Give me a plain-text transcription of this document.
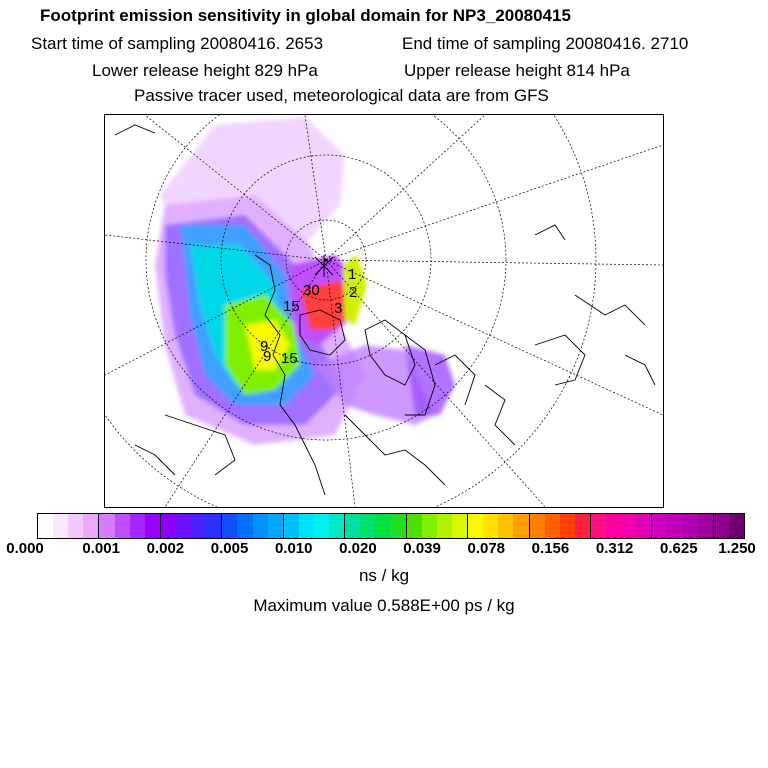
Footprint emission sensitivity in global domain for NP3_20080415
Start time of sampling 20080416. 2653	End time of sampling 20080416. 2710
Lower release height 829 hPa	Upper release height 814 hPa
Passive tracer used, meteorological data are from GFS
1
2
3
30
15
9
9 15
0.000	0.001 0.002 0.005 0.010 0.020 0.039 0.078 0.156 0.312 0.625 1.250
ns / kg
Maximum value 0.588E+00 ps / kg
